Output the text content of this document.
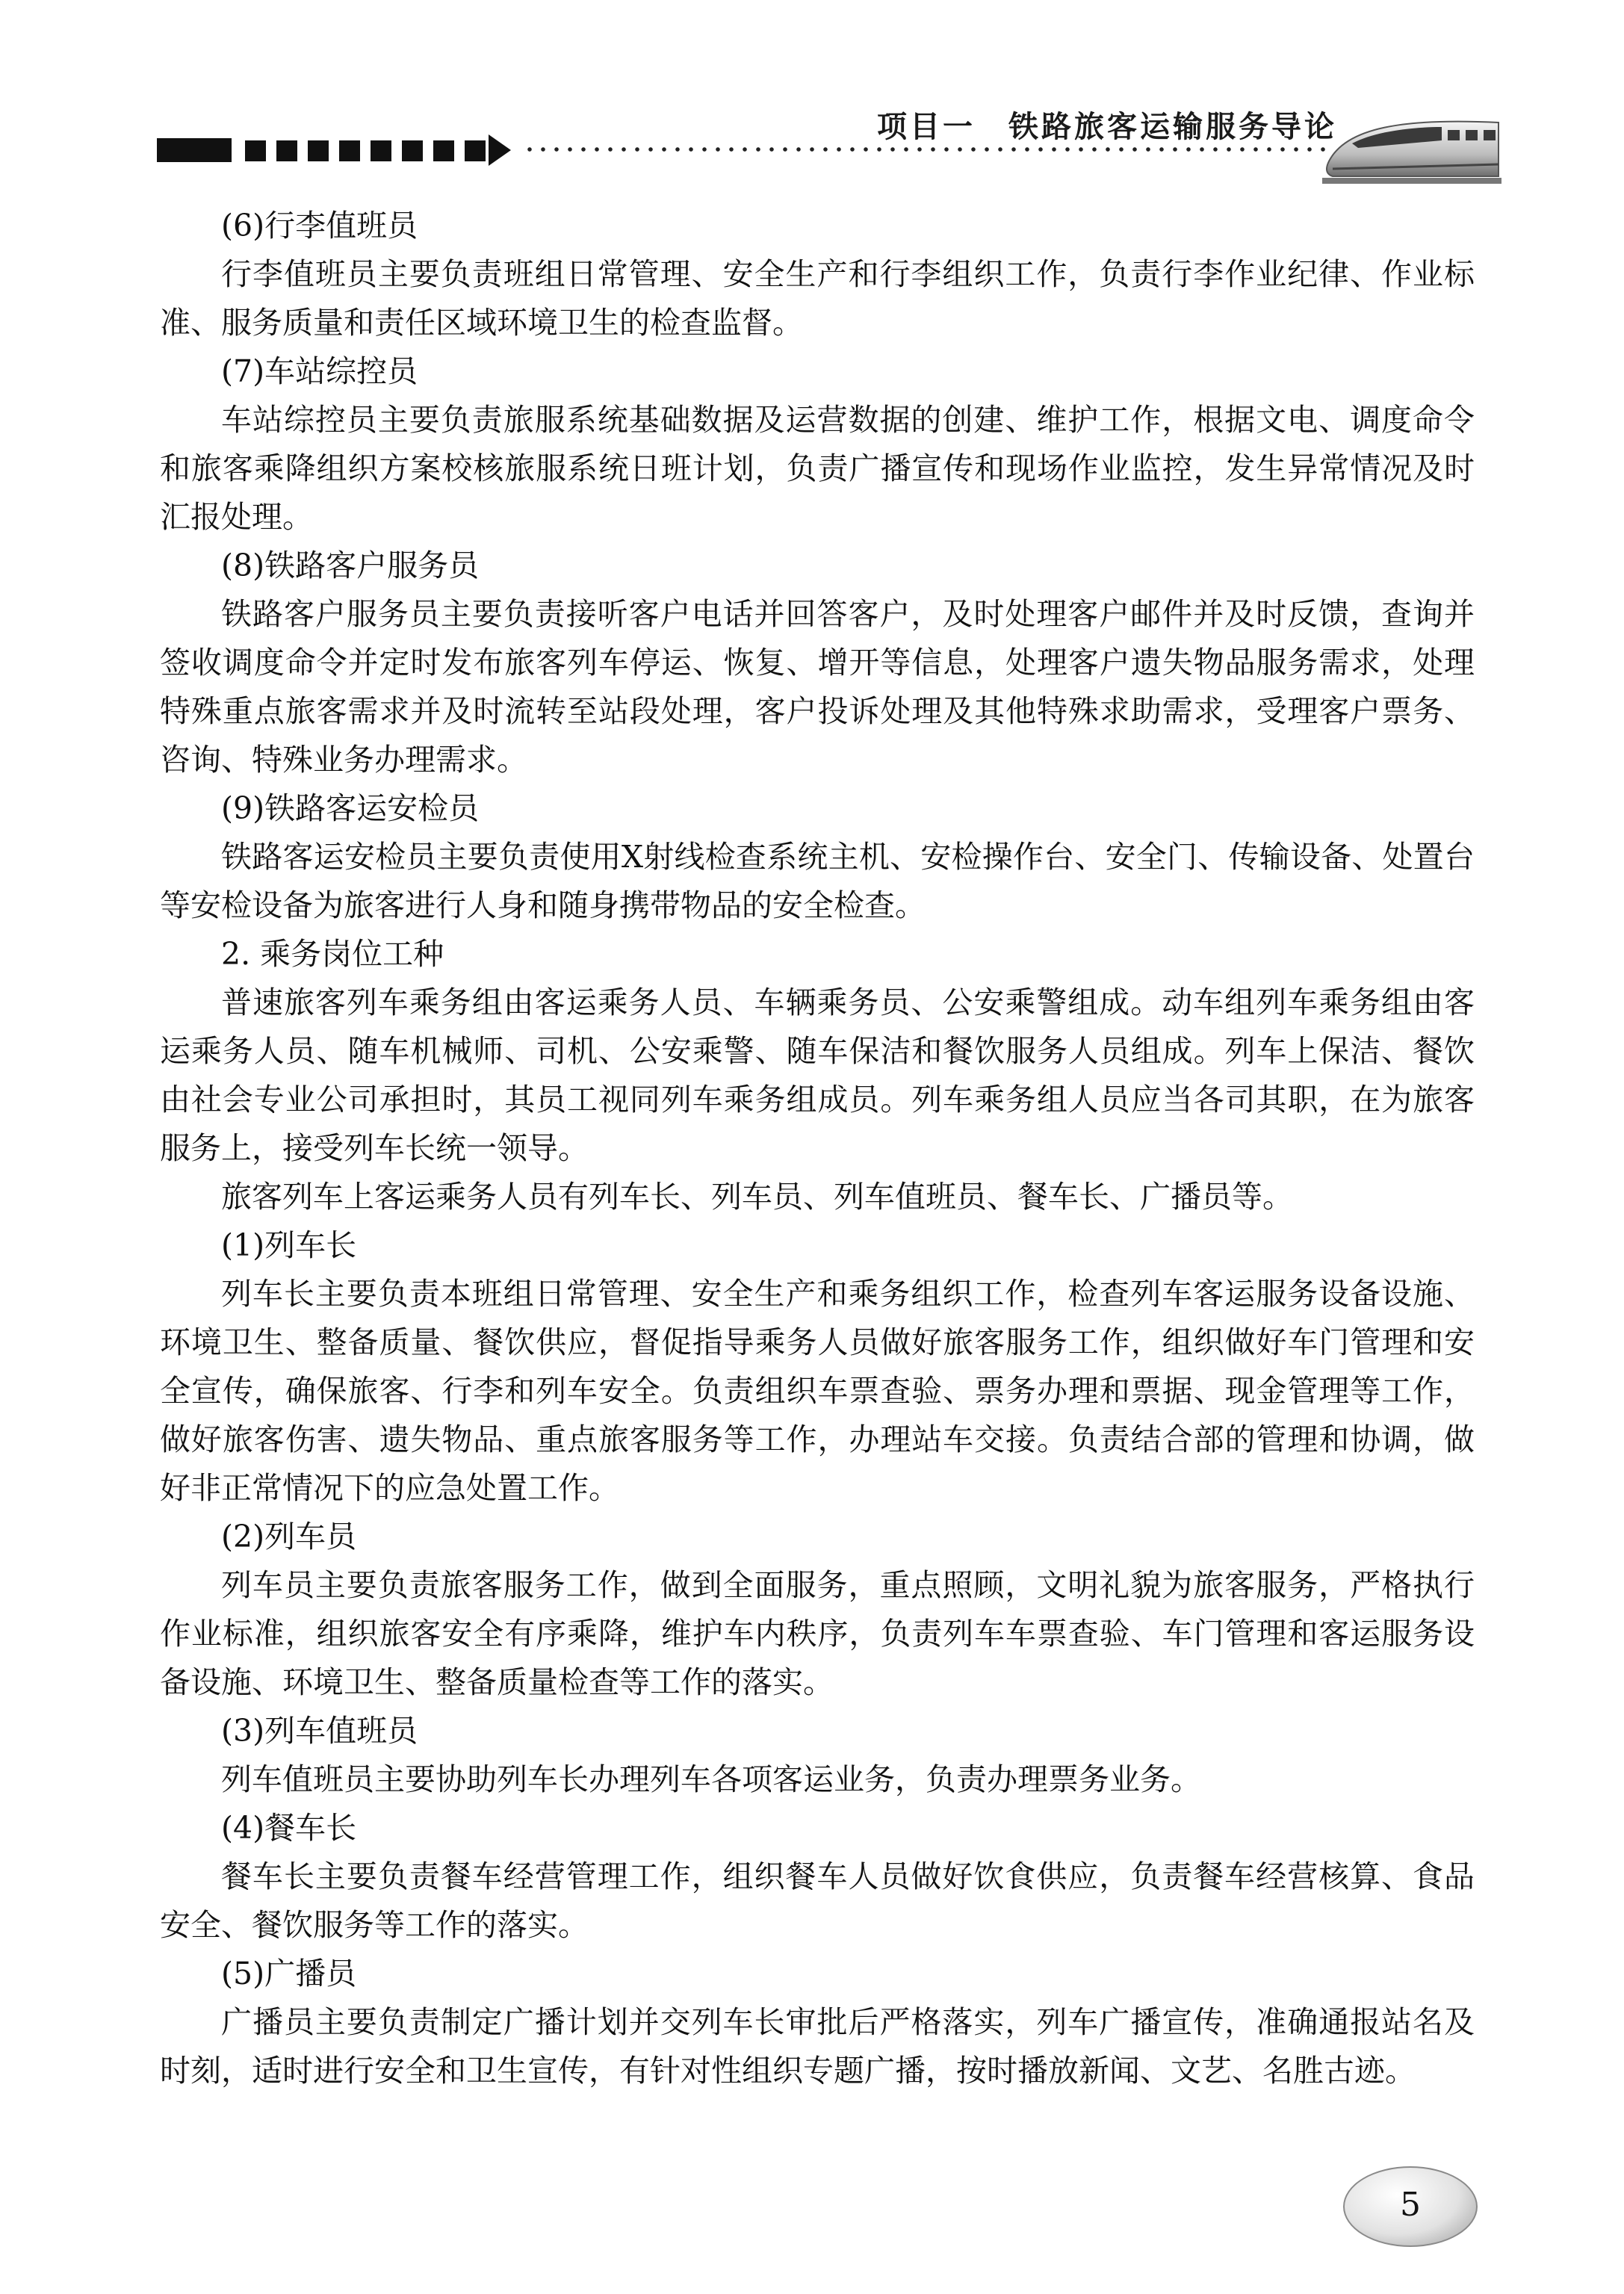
项目一　铁路旅客运输服务导论

(6)行李值班员

行李值班员主要负责班组日常管理、安全生产和行李组织工作，负责行李作业纪律、作业标准、服务质量和责任区域环境卫生的检查监督。

(7)车站综控员

车站综控员主要负责旅服系统基础数据及运营数据的创建、维护工作，根据文电、调度命令和旅客乘降组织方案校核旅服系统日班计划，负责广播宣传和现场作业监控，发生异常情况及时汇报处理。

(8)铁路客户服务员

铁路客户服务员主要负责接听客户电话并回答客户，及时处理客户邮件并及时反馈，查询并签收调度命令并定时发布旅客列车停运、恢复、增开等信息，处理客户遗失物品服务需求，处理特殊重点旅客需求并及时流转至站段处理，客户投诉处理及其他特殊求助需求，受理客户票务、咨询、特殊业务办理需求。

(9)铁路客运安检员

铁路客运安检员主要负责使用X射线检查系统主机、安检操作台、安全门、传输设备、处置台等安检设备为旅客进行人身和随身携带物品的安全检查。

2. 乘务岗位工种

普速旅客列车乘务组由客运乘务人员、车辆乘务员、公安乘警组成。动车组列车乘务组由客运乘务人员、随车机械师、司机、公安乘警、随车保洁和餐饮服务人员组成。列车上保洁、餐饮由社会专业公司承担时，其员工视同列车乘务组成员。列车乘务组人员应当各司其职，在为旅客服务上，接受列车长统一领导。

旅客列车上客运乘务人员有列车长、列车员、列车值班员、餐车长、广播员等。

(1)列车长

列车长主要负责本班组日常管理、安全生产和乘务组织工作，检查列车客运服务设备设施、环境卫生、整备质量、餐饮供应，督促指导乘务人员做好旅客服务工作，组织做好车门管理和安全宣传，确保旅客、行李和列车安全。负责组织车票查验、票务办理和票据、现金管理等工作，做好旅客伤害、遗失物品、重点旅客服务等工作，办理站车交接。负责结合部的管理和协调，做好非正常情况下的应急处置工作。

(2)列车员

列车员主要负责旅客服务工作，做到全面服务，重点照顾，文明礼貌为旅客服务，严格执行作业标准，组织旅客安全有序乘降，维护车内秩序，负责列车车票查验、车门管理和客运服务设备设施、环境卫生、整备质量检查等工作的落实。

(3)列车值班员

列车值班员主要协助列车长办理列车各项客运业务，负责办理票务业务。

(4)餐车长

餐车长主要负责餐车经营管理工作，组织餐车人员做好饮食供应，负责餐车经营核算、食品安全、餐饮服务等工作的落实。

(5)广播员

广播员主要负责制定广播计划并交列车长审批后严格落实，列车广播宣传，准确通报站名及时刻，适时进行安全和卫生宣传，有针对性组织专题广播，按时播放新闻、文艺、名胜古迹。

5
